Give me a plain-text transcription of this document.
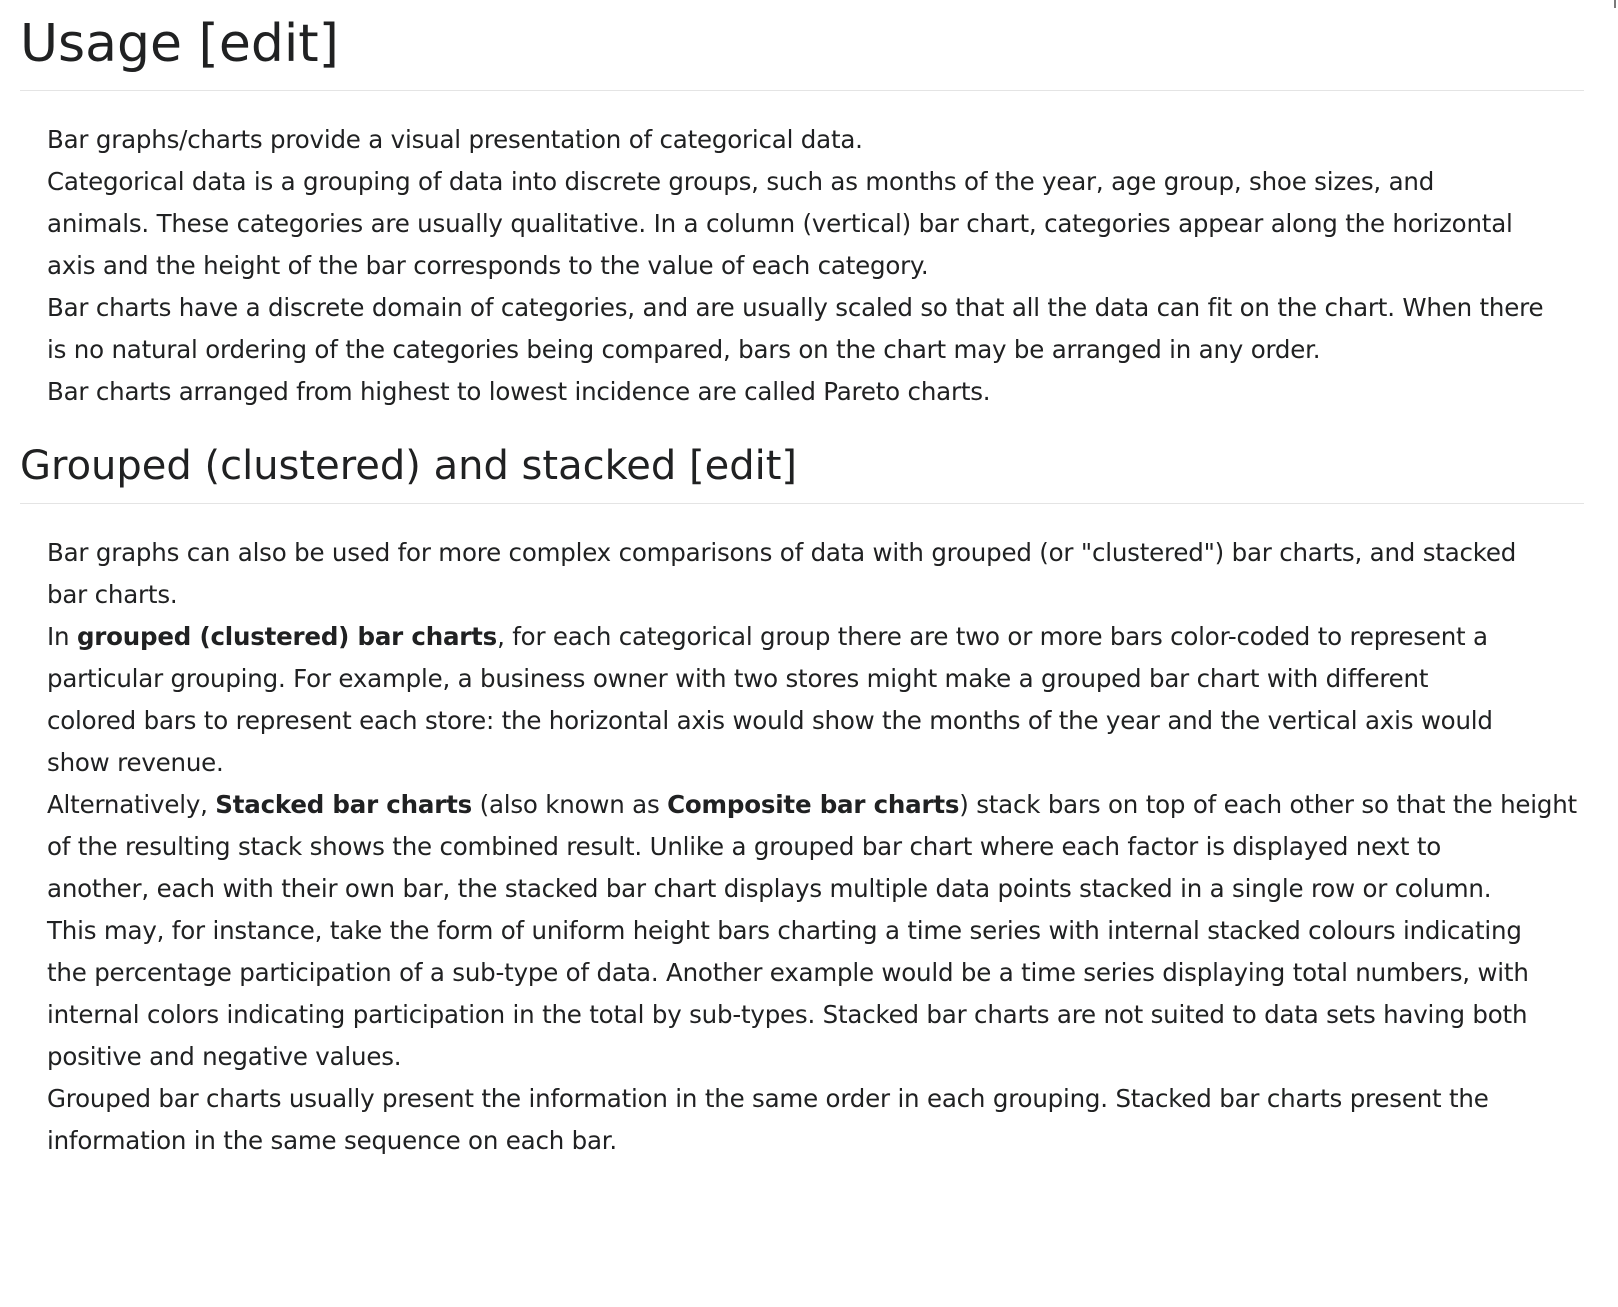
Usage [edit]

Bar graphs/charts provide a visual presentation of categorical data.
Categorical data is a grouping of data into discrete groups, such as months of the year, age group, shoe sizes, and
animals. These categories are usually qualitative. In a column (vertical) bar chart, categories appear along the horizontal
axis and the height of the bar corresponds to the value of each category.

Bar charts have a discrete domain of categories, and are usually scaled so that all the data can fit on the chart. When there
is no natural ordering of the categories being compared, bars on the chart may be arranged in any order.
Bar charts arranged from highest to lowest incidence are called Pareto charts.

Grouped (clustered) and stacked [edit]

Bar graphs can also be used for more complex comparisons of data with grouped (or "clustered") bar charts, and stacked
bar charts.

In grouped (clustered) bar charts, for each categorical group there are two or more bars color-coded to represent a
particular grouping. For example, a business owner with two stores might make a grouped bar chart with different
colored bars to represent each store: the horizontal axis would show the months of the year and the vertical axis would
show revenue.

Alternatively, Stacked bar charts (also known as Composite bar charts) stack bars on top of each other so that the height
of the resulting stack shows the combined result. Unlike a grouped bar chart where each factor is displayed next to
another, each with their own bar, the stacked bar chart displays multiple data points stacked in a single row or column.
This may, for instance, take the form of uniform height bars charting a time series with internal stacked colours indicating
the percentage participation of a sub-type of data. Another example would be a time series displaying total numbers, with
internal colors indicating participation in the total by sub-types. Stacked bar charts are not suited to data sets having both
positive and negative values.

Grouped bar charts usually present the information in the same order in each grouping. Stacked bar charts present the
information in the same sequence on each bar.
